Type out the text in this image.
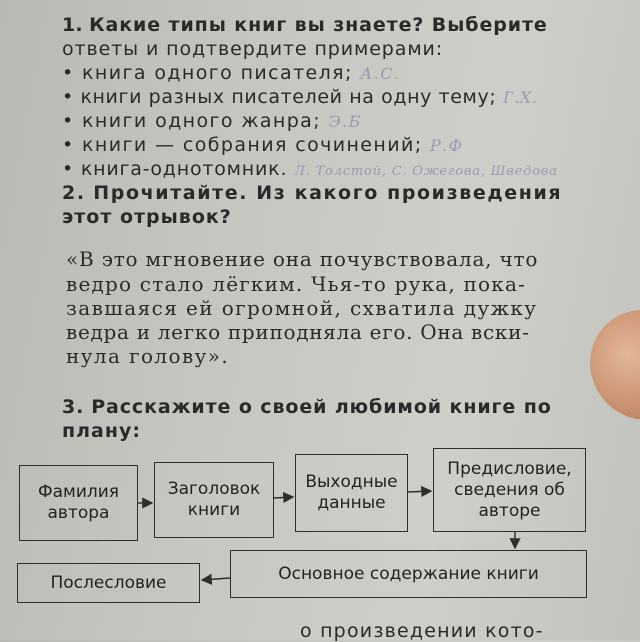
1. Какие типы книг вы знаете? Выберите
ответы и подтвердите примерами:
• книга одного писателя; А.С.
• книги разных писателей на одну тему; Г.Х.
• книги одного жанра; Э.Б
• книги — собрания сочинений; Р.Ф
• книга-однотомник. Л. Толстой, С. Ожегова, Шведова
2. Прочитайте. Из какого произведения
этот отрывок?
«В это мгновение она почувствовала, что
ведро стало лёгким. Чья-то рука, пока-
завшаяся ей огромной, схватила дужку
ведра и легко приподняла его. Она вски-
нула голову».
3. Расскажите о своей любимой книге по
плану:
Фамилия автора
Заголовок книги
Выходные данные
Предисловие, сведения об авторе
Основное содержание книги
Послесловие
о произведении кото-
